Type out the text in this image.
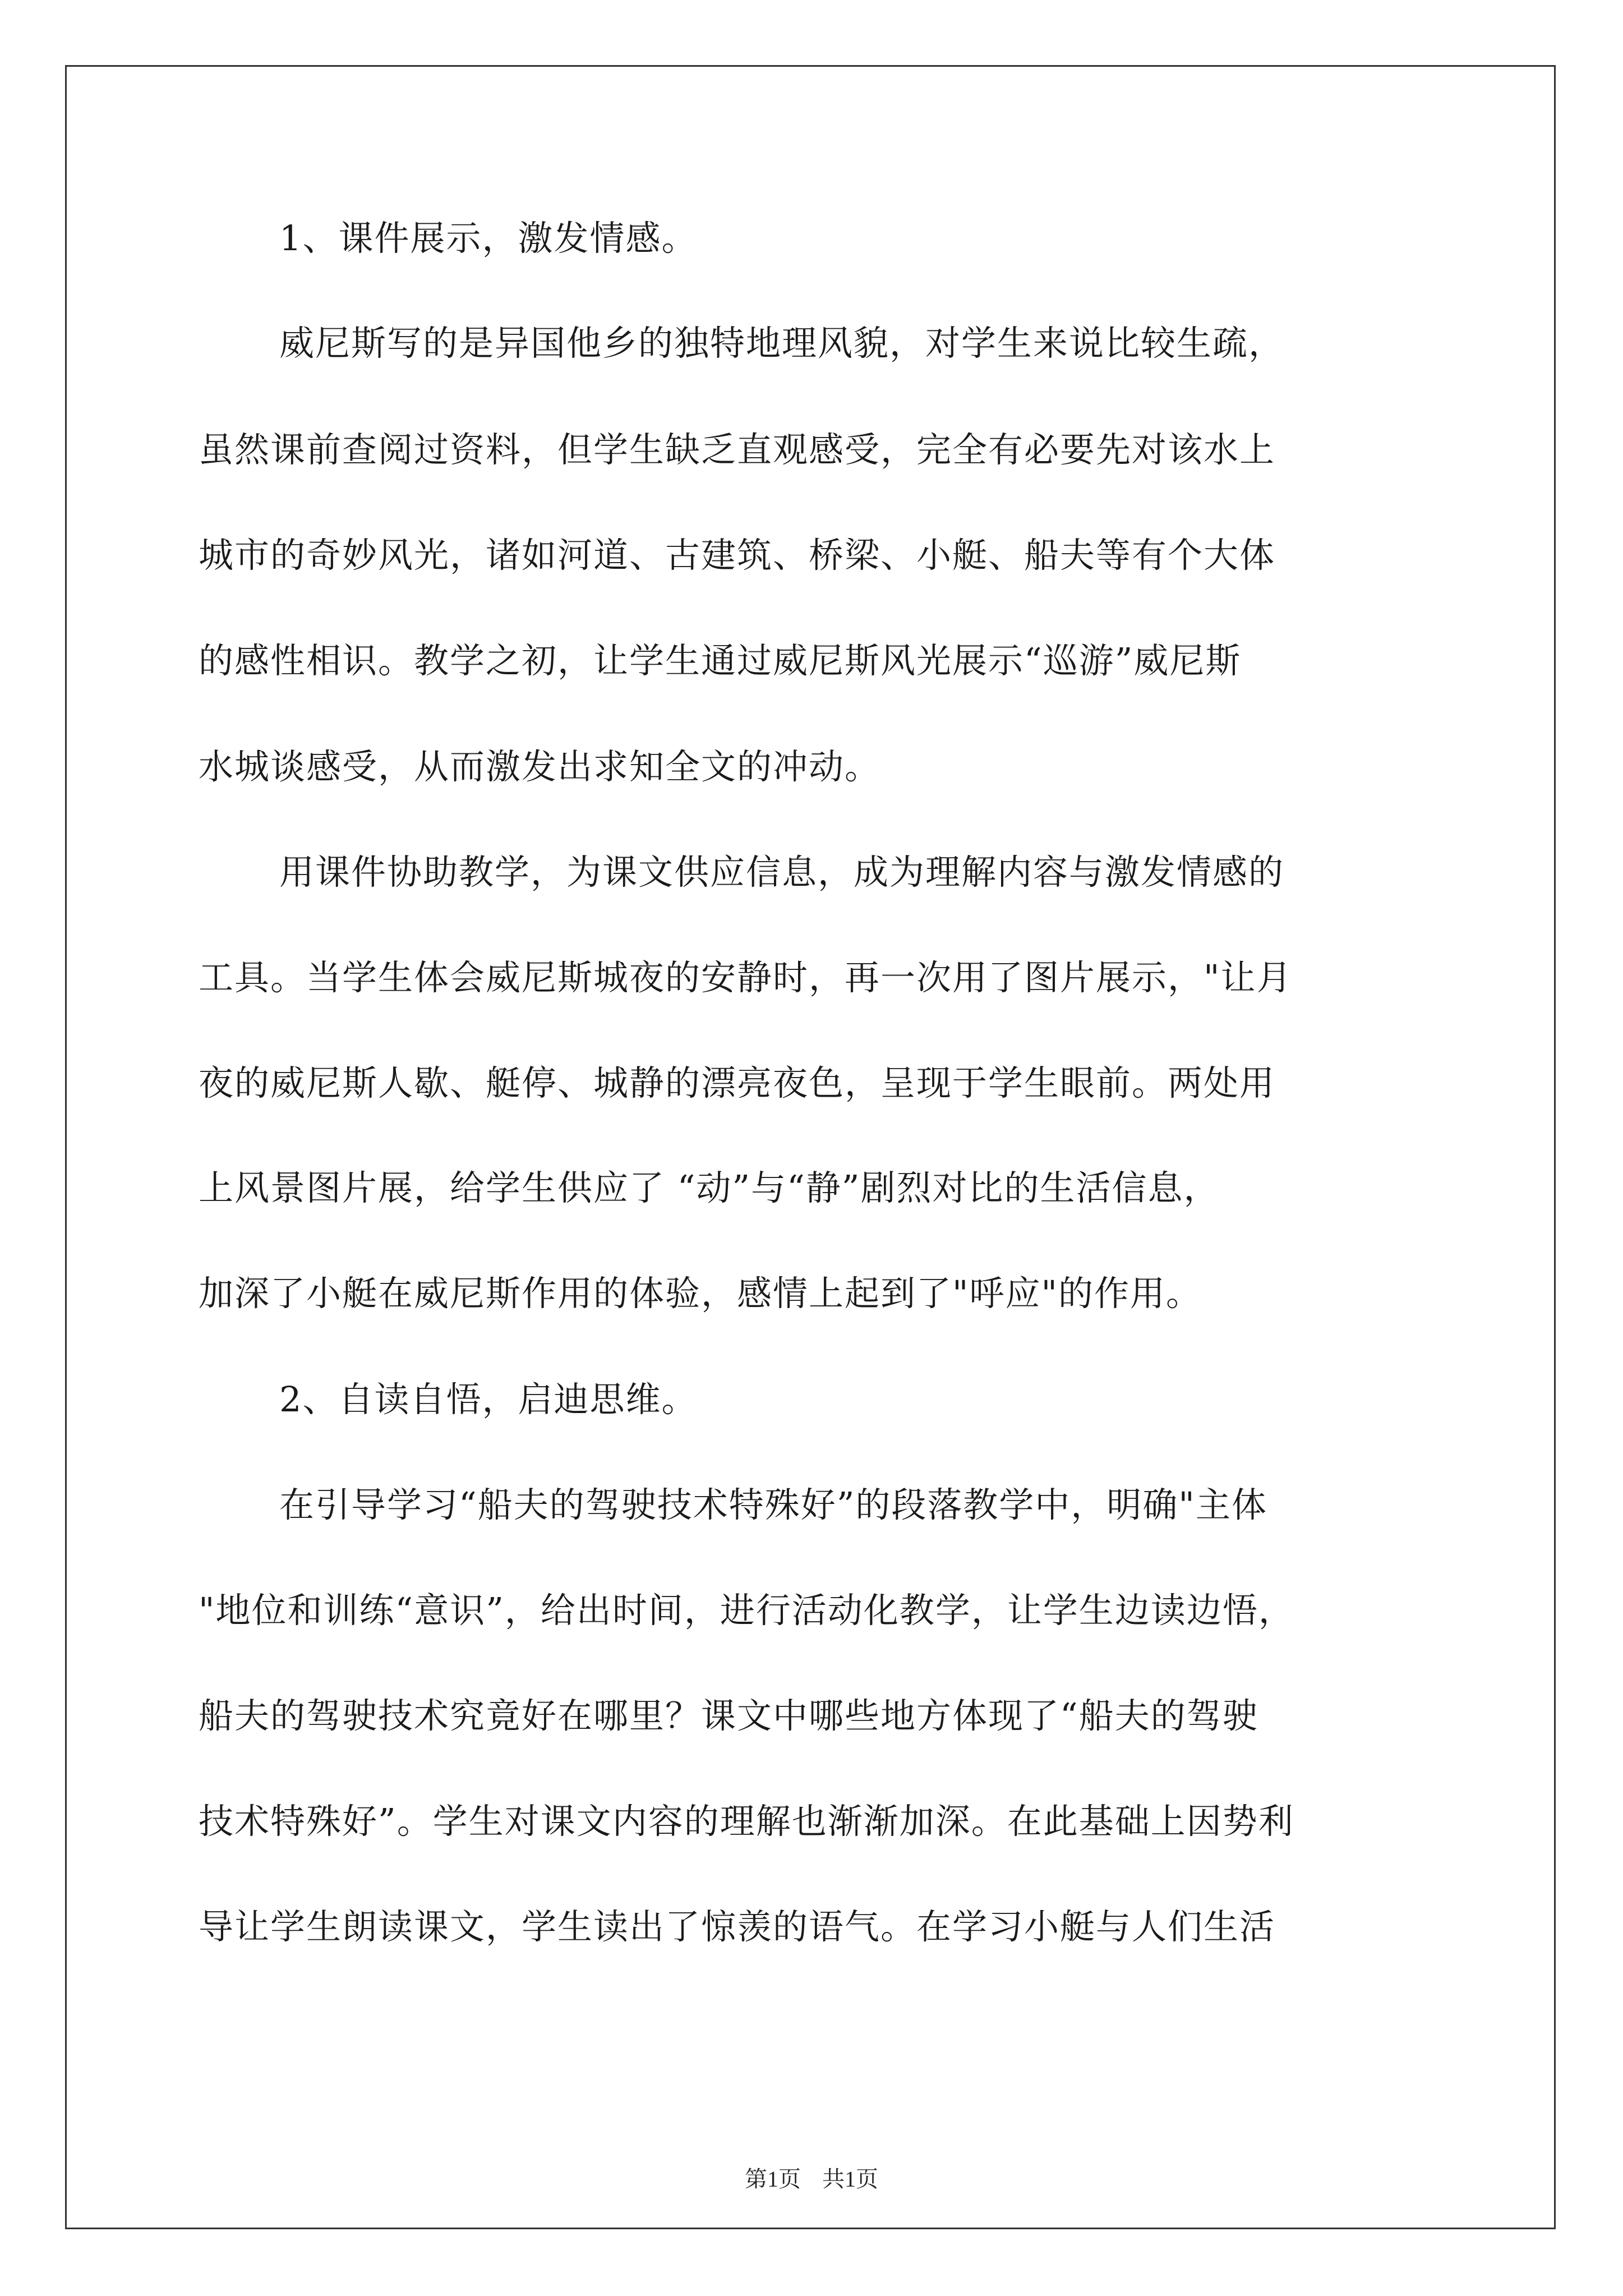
1、课件展示，激发情感。
威尼斯写的是异国他乡的独特地理风貌，对学生来说比较生疏，
虽然课前查阅过资料，但学生缺乏直观感受，完全有必要先对该水上
城市的奇妙风光，诸如河道、古建筑、桥梁、小艇、船夫等有个大体
的感性相识。教学之初，让学生通过威尼斯风光展示“巡游”威尼斯
水城谈感受，从而激发出求知全文的冲动。
用课件协助教学，为课文供应信息，成为理解内容与激发情感的
工具。当学生体会威尼斯城夜的安静时，再一次用了图片展示，"让月
夜的威尼斯人歇、艇停、城静的漂亮夜色，呈现于学生眼前。两处用
上风景图片展，给学生供应了 “动”与“静”剧烈对比的生活信息，
加深了小艇在威尼斯作用的体验，感情上起到了"呼应"的作用。
2、自读自悟，启迪思维。
在引导学习“船夫的驾驶技术特殊好”的段落教学中，明确"主体
"地位和训练“意识”，给出时间，进行活动化教学，让学生边读边悟，
船夫的驾驶技术究竟好在哪里？课文中哪些地方体现了“船夫的驾驶
技术特殊好”。学生对课文内容的理解也渐渐加深。在此基础上因势利
导让学生朗读课文，学生读出了惊羡的语气。在学习小艇与人们生活
第1页 共1页
